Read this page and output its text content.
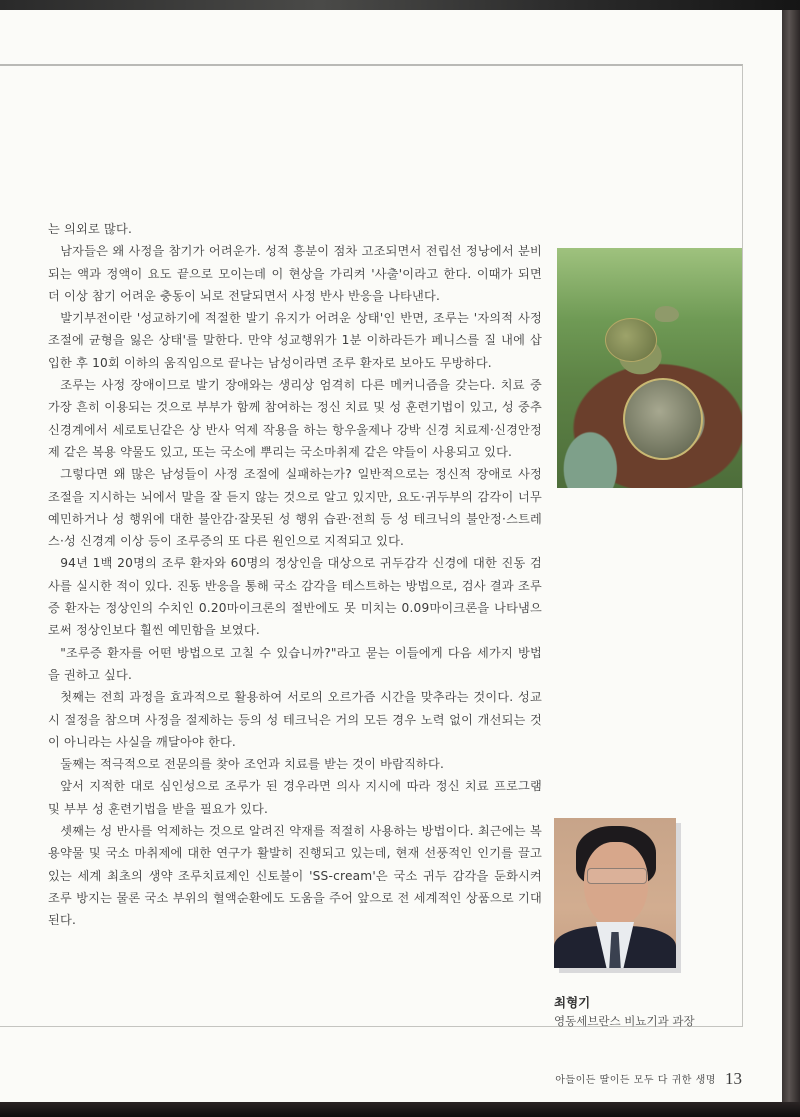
는 의외로 많다.

남자들은 왜 사정을 참기가 어려운가. 성적 흥분이 점차 고조되면서 전립선 정낭에서 분비되는 액과 정액이 요도 끝으로 모이는데 이 현상을 가리켜 '사출'이라고 한다. 이때가 되면 더 이상 참기 어려운 충동이 뇌로 전달되면서 사정 반사 반응을 나타낸다.

발기부전이란 '성교하기에 적절한 발기 유지가 어려운 상태'인 반면, 조루는 '자의적 사정 조절에 균형을 잃은 상태'를 말한다. 만약 성교행위가 1분 이하라든가 페니스를 질 내에 삽입한 후 10회 이하의 움직임으로 끝나는 남성이라면 조루 환자로 보아도 무방하다.

조루는 사정 장애이므로 발기 장애와는 생리상 엄격히 다른 메커니즘을 갖는다. 치료 중 가장 흔히 이용되는 것으로 부부가 함께 참여하는 정신 치료 및 성 훈련기법이 있고, 성 중추신경계에서 세로토닌같은 상 반사 억제 작용을 하는 항우울제나 강박 신경 치료제·신경안정제 같은 복용 약물도 있고, 또는 국소에 뿌리는 국소마취제 같은 약들이 사용되고 있다.

그렇다면 왜 많은 남성들이 사정 조절에 실패하는가? 일반적으로는 정신적 장애로 사정 조절을 지시하는 뇌에서 말을 잘 듣지 않는 것으로 알고 있지만, 요도·귀두부의 감각이 너무 예민하거나 성 행위에 대한 불안감·잘못된 성 행위 습관·전희 등 성 테크닉의 불안정·스트레스·성 신경계 이상 등이 조루증의 또 다른 원인으로 지적되고 있다.

94년 1백 20명의 조루 환자와 60명의 정상인을 대상으로 귀두감각 신경에 대한 진동 검사를 실시한 적이 있다. 진동 반응을 통해 국소 감각을 테스트하는 방법으로, 검사 결과 조루증 환자는 정상인의 수치인 0.20마이크론의 절반에도 못 미치는 0.09마이크론을 나타냄으로써 정상인보다 훨씬 예민함을 보였다.

"조루증 환자를 어떤 방법으로 고칠 수 있습니까?"라고 묻는 이들에게 다음 세가지 방법을 권하고 싶다.

첫째는 전희 과정을 효과적으로 활용하여 서로의 오르가즘 시간을 맞추라는 것이다. 성교시 절정을 참으며 사정을 절제하는 등의 성 테크닉은 거의 모든 경우 노력 없이 개선되는 것이 아니라는 사실을 깨달아야 한다.

둘째는 적극적으로 전문의를 찾아 조언과 치료를 받는 것이 바람직하다.

앞서 지적한 대로 심인성으로 조루가 된 경우라면 의사 지시에 따라 정신 치료 프로그램 및 부부 성 훈련기법을 받을 필요가 있다.

셋째는 성 반사를 억제하는 것으로 알려진 약재를 적절히 사용하는 방법이다. 최근에는 복용약물 및 국소 마취제에 대한 연구가 활발히 진행되고 있는데, 현재 선풍적인 인기를 끌고 있는 세계 최초의 생약 조루치료제인 신토불이 'SS-cream'은 국소 귀두 감각을 둔화시켜 조루 방지는 물론 국소 부위의 혈액순환에도 도움을 주어 앞으로 전 세계적인 상품으로 기대된다.

최형기
영동세브란스 비뇨기과 과장
아들이든 딸이든 모두 다 귀한 생명 13
